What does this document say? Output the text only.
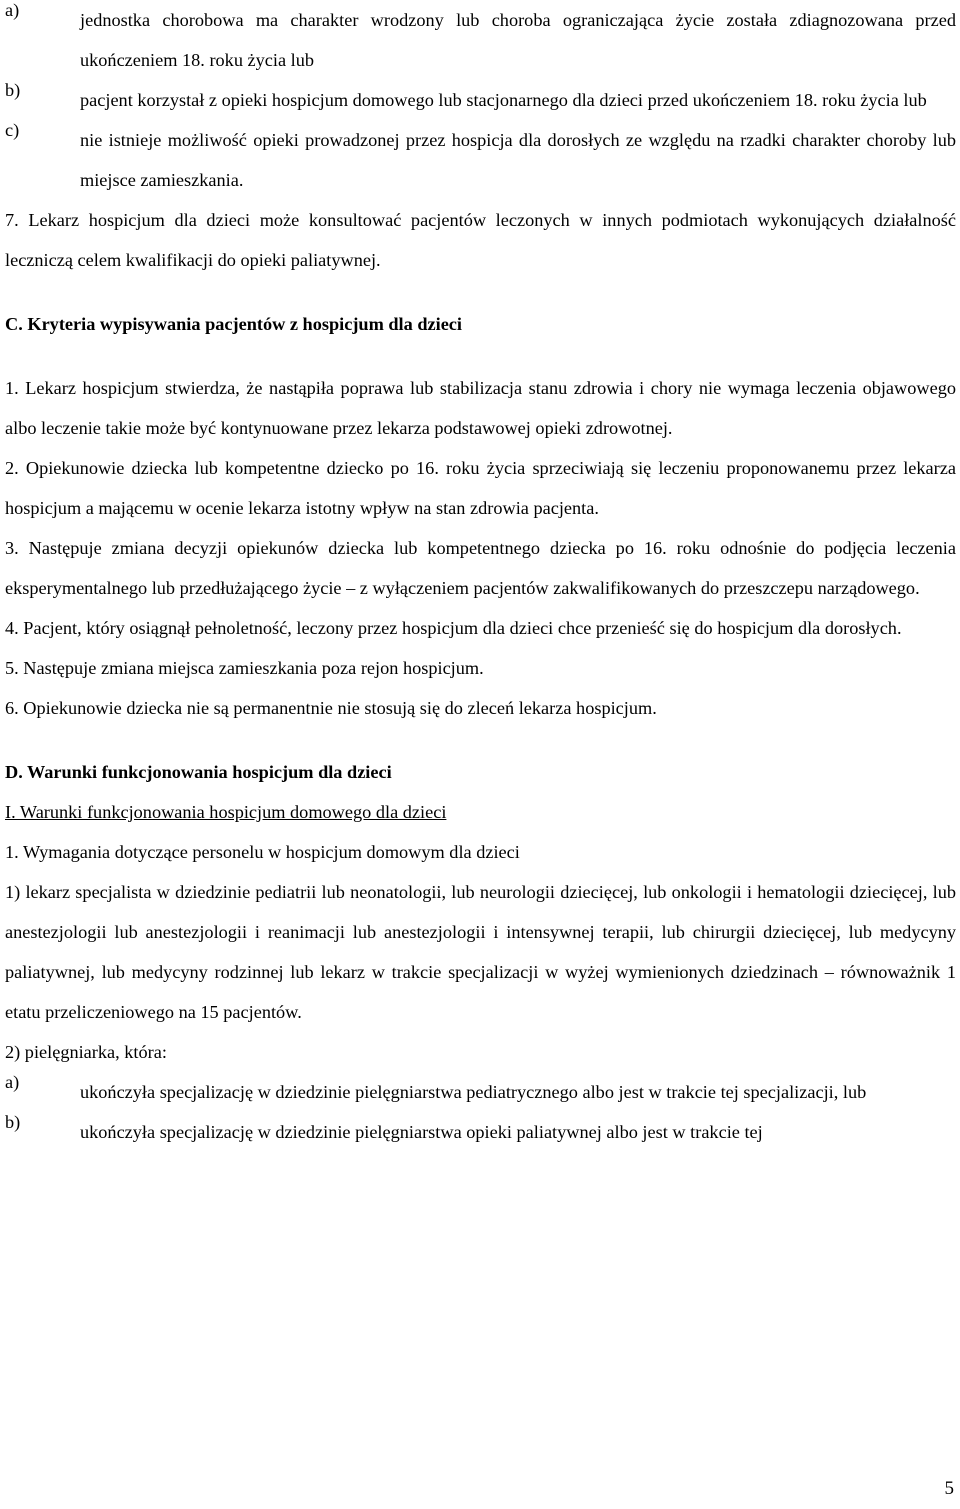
a)	jednostka chorobowa ma charakter wrodzony lub choroba ograniczająca życie została zdiagnozowana przed ukończeniem 18. roku życia lub

b)	pacjent korzystał z opieki hospicjum domowego lub stacjonarnego dla dzieci przed ukończeniem 18. roku życia lub

c)	nie istnieje możliwość opieki prowadzonej przez hospicja dla dorosłych ze względu na rzadki charakter choroby lub miejsce zamieszkania.

7. Lekarz hospicjum dla dzieci może konsultować pacjentów leczonych w innych podmiotach wykonujących działalność leczniczą celem kwalifikacji do opieki paliatywnej.

C. Kryteria wypisywania pacjentów z hospicjum dla dzieci

1. Lekarz hospicjum stwierdza, że nastąpiła poprawa lub stabilizacja stanu zdrowia i chory nie wymaga leczenia objawowego albo leczenie takie może być kontynuowane przez lekarza podstawowej opieki zdrowotnej.

2. Opiekunowie dziecka lub kompetentne dziecko po 16. roku życia sprzeciwiają się leczeniu proponowanemu przez lekarza hospicjum a mającemu w ocenie lekarza istotny wpływ na stan zdrowia pacjenta.

3. Następuje zmiana decyzji opiekunów dziecka lub kompetentnego dziecka po 16. roku odnośnie do podjęcia leczenia eksperymentalnego lub przedłużającego życie – z wyłączeniem pacjentów zakwalifikowanych do przeszczepu narządowego.

4. Pacjent, który osiągnął pełnoletność, leczony przez hospicjum dla dzieci chce przenieść się do hospicjum dla dorosłych.

5. Następuje zmiana miejsca zamieszkania poza rejon hospicjum.

6. Opiekunowie dziecka nie są permanentnie nie stosują się do zleceń lekarza hospicjum.

D. Warunki funkcjonowania hospicjum dla dzieci

I. Warunki funkcjonowania hospicjum domowego dla dzieci

1. Wymagania dotyczące personelu w hospicjum domowym dla dzieci

1) lekarz specjalista w dziedzinie pediatrii lub neonatologii, lub neurologii dziecięcej, lub onkologii i hematologii dziecięcej, lub anestezjologii lub anestezjologii i reanimacji lub anestezjologii i intensywnej terapii, lub chirurgii dziecięcej, lub medycyny paliatywnej, lub medycyny rodzinnej lub lekarz w trakcie specjalizacji w wyżej wymienionych dziedzinach – równoważnik 1 etatu przeliczeniowego na 15 pacjentów.

2) pielęgniarka, która:

a)	ukończyła specjalizację w dziedzinie pielęgniarstwa pediatrycznego albo jest w trakcie tej specjalizacji, lub

b)	ukończyła specjalizację w dziedzinie pielęgniarstwa opieki paliatywnej albo jest w trakcie tej

5
